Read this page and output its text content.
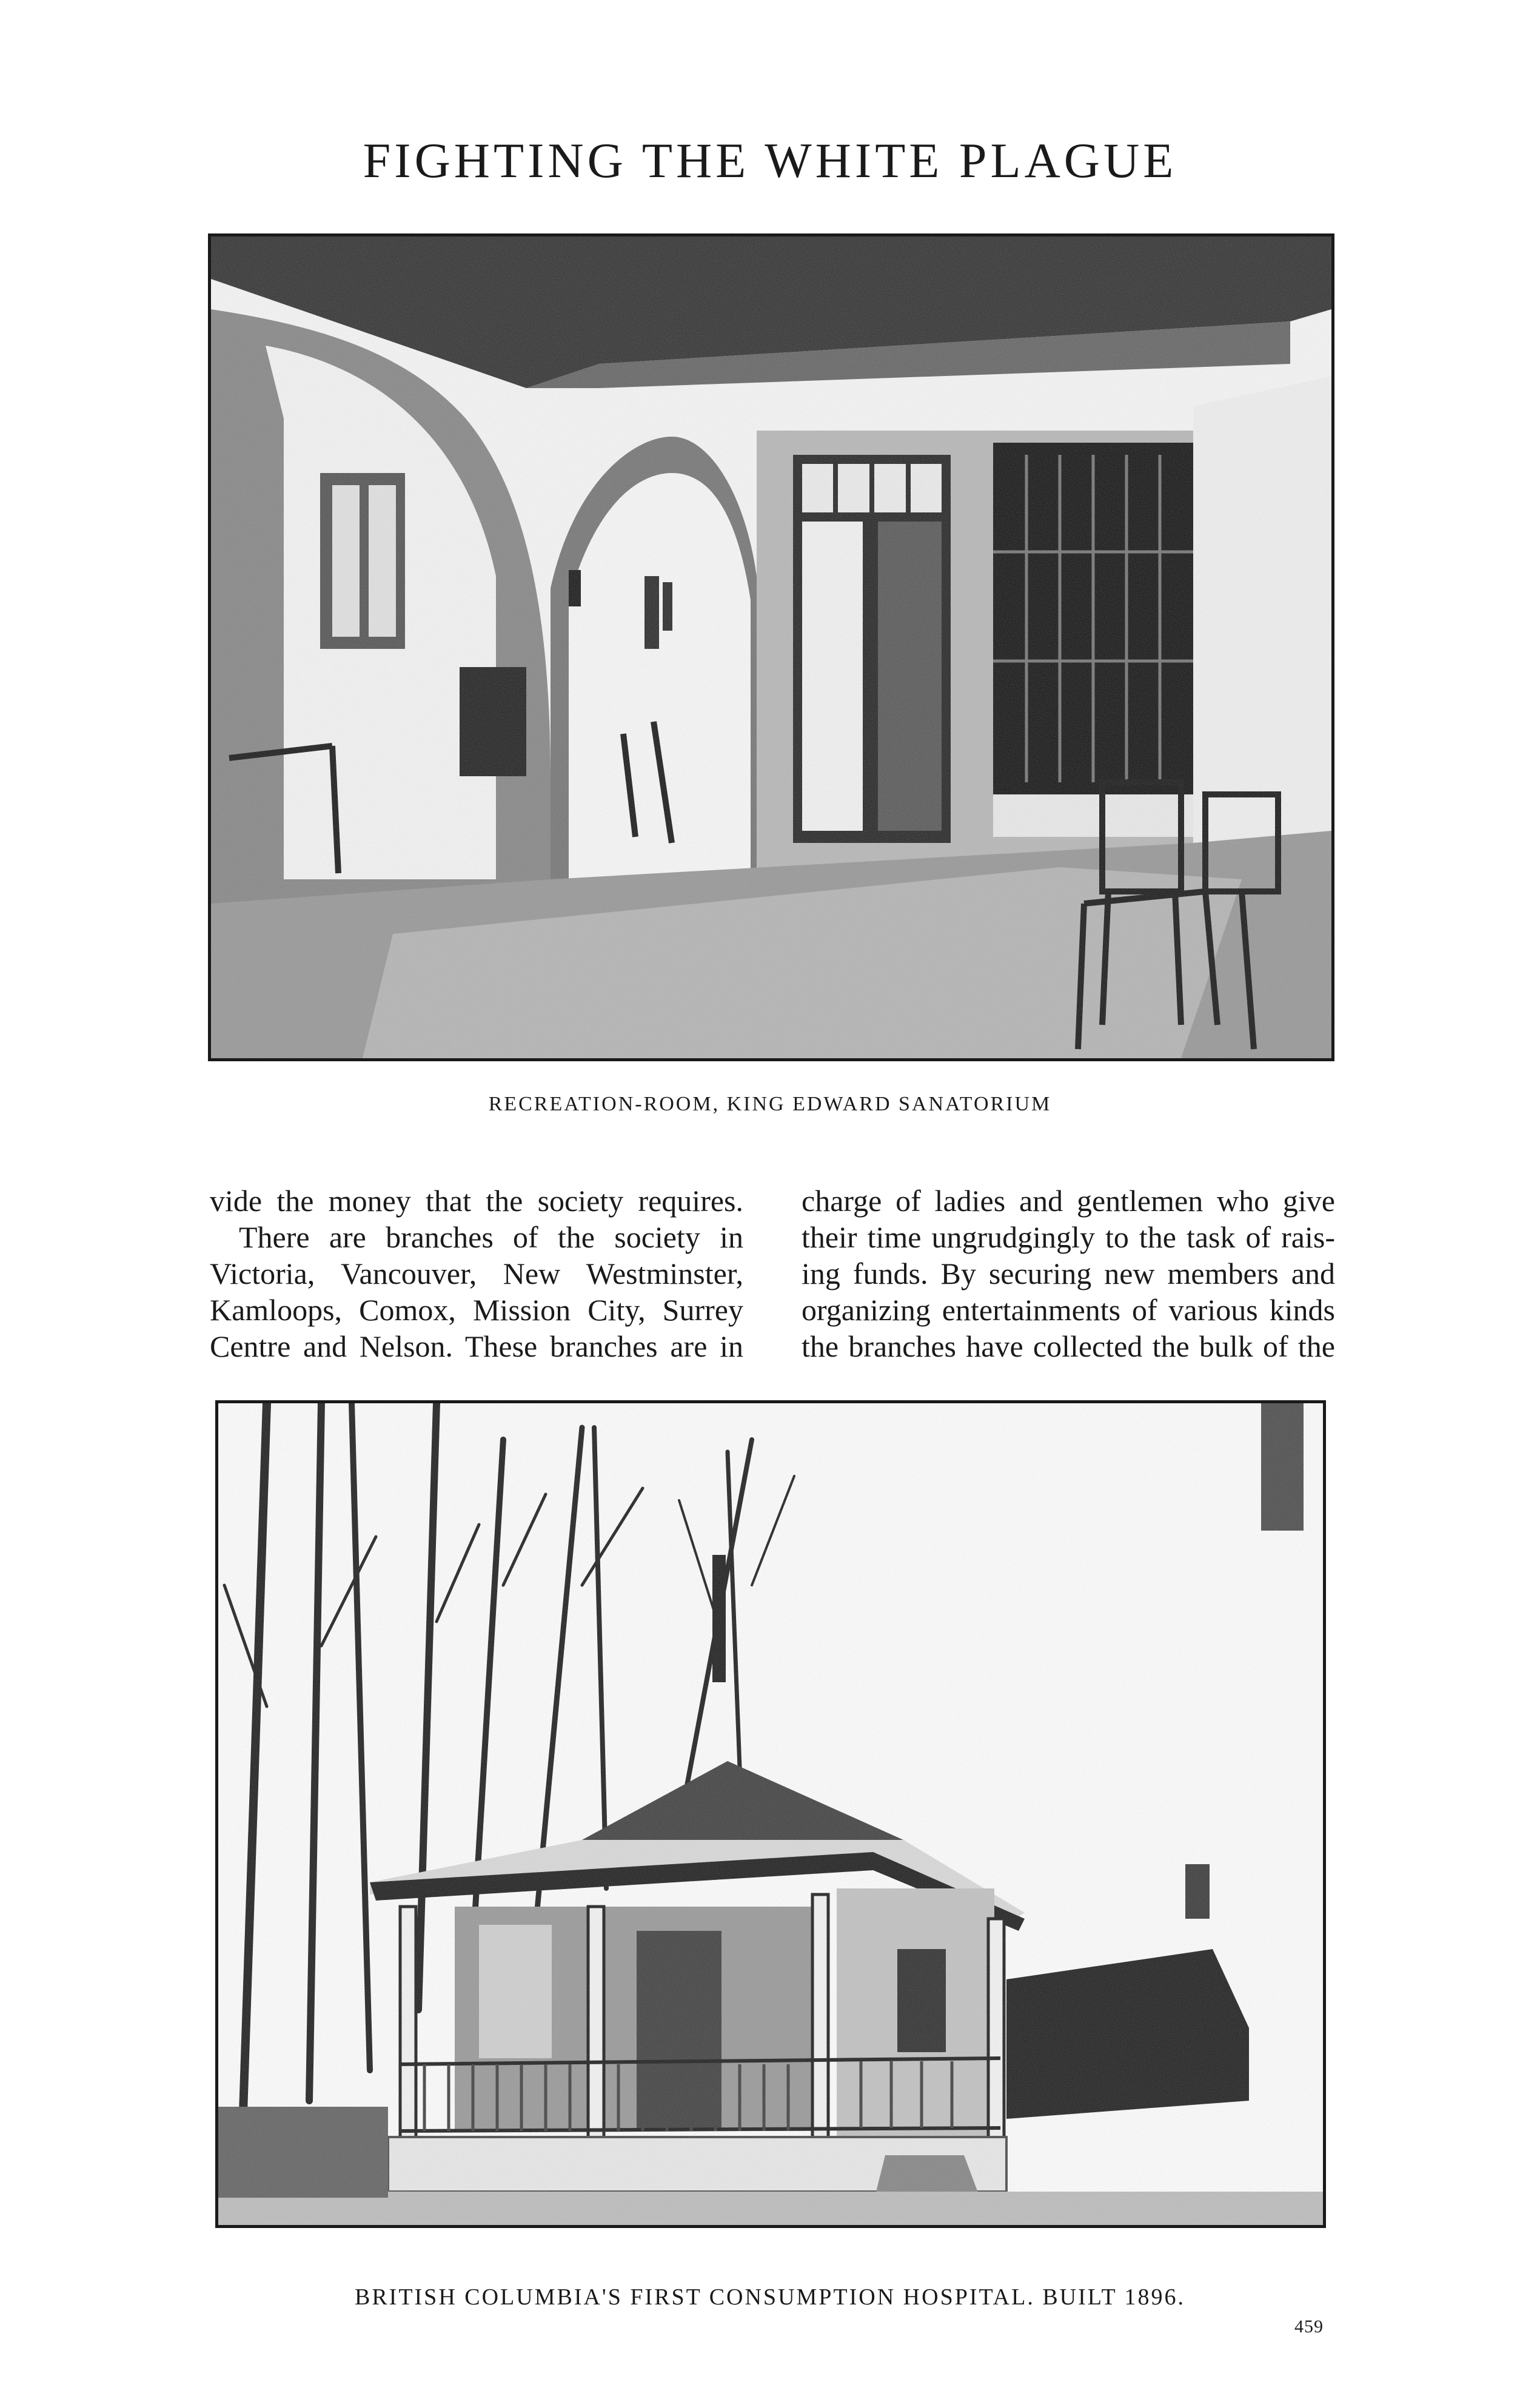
FIGHTING THE WHITE PLAGUE
RECREATION-ROOM, KING EDWARD SANATORIUM
vide the money that the society requires.
There are branches of the society in
Victoria, Vancouver, New Westminster,
Kamloops, Comox, Mission City, Surrey
Centre and Nelson. These branches are in
charge of ladies and gentlemen who give
their time ungrudgingly to the task of rais-
ing funds. By securing new members and
organizing entertainments of various kinds
the branches have collected the bulk of the
BRITISH COLUMBIA'S FIRST CONSUMPTION HOSPITAL. BUILT 1896.
459
